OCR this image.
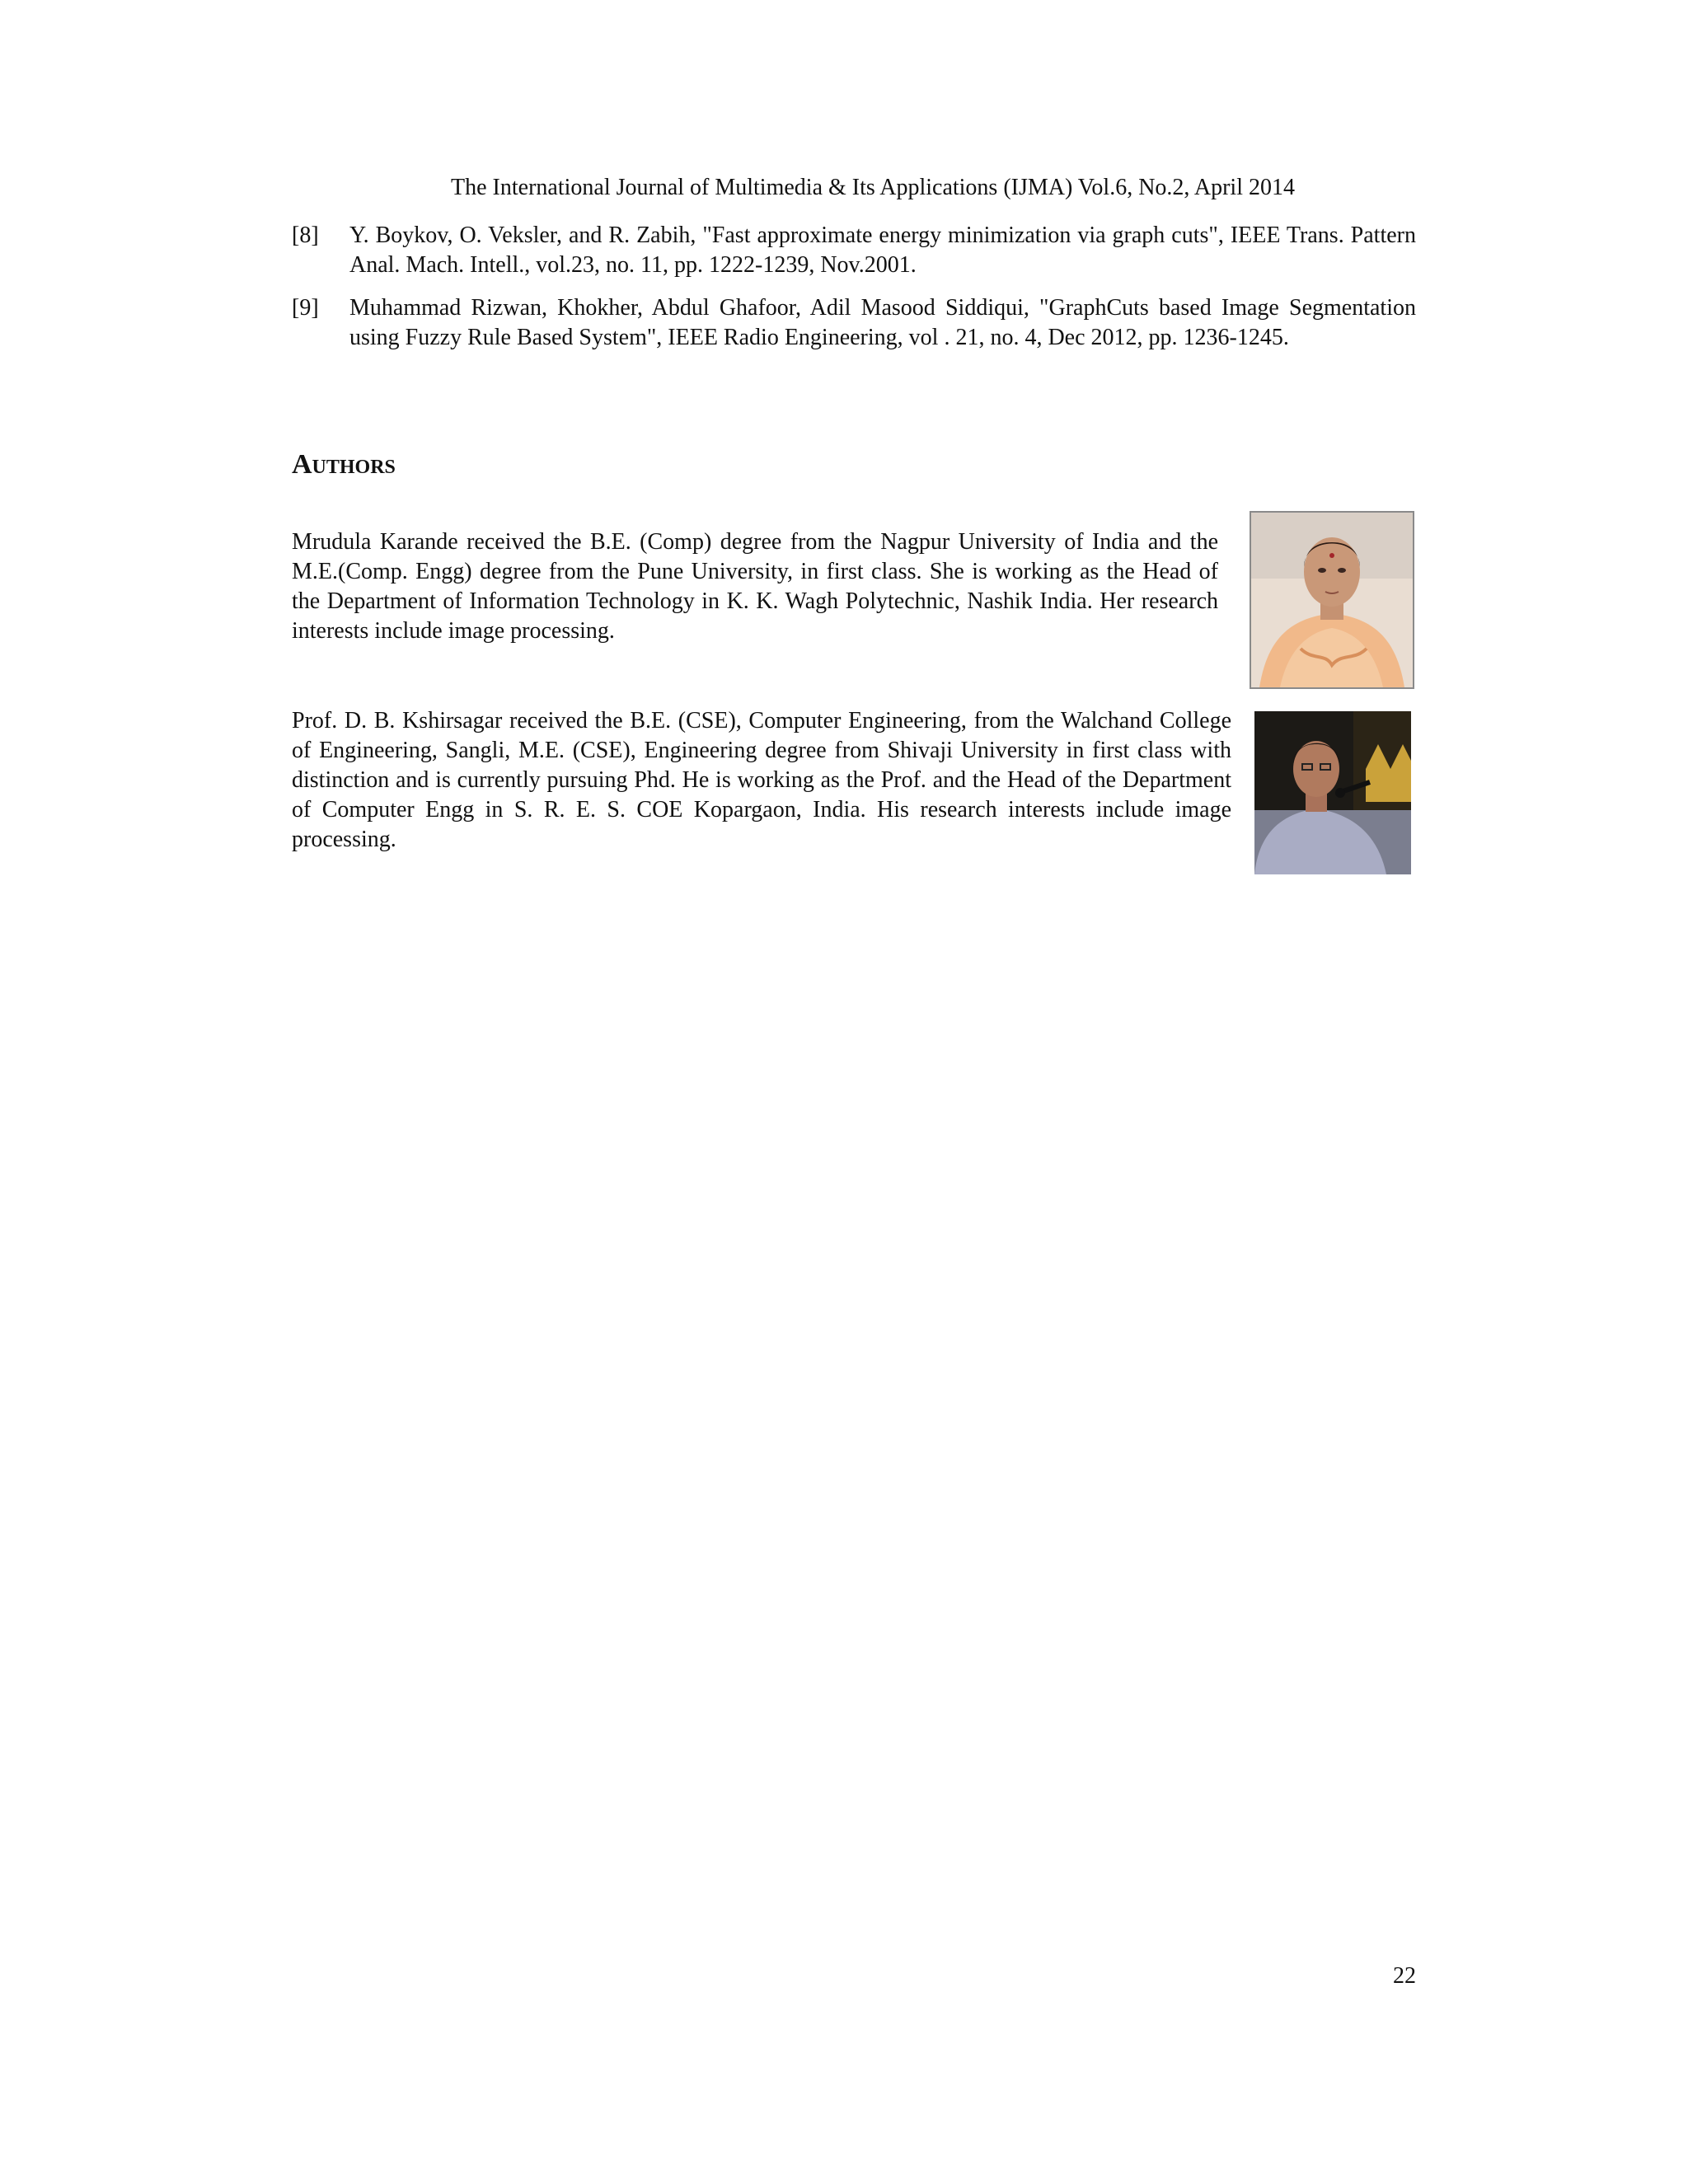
The International Journal of Multimedia & Its Applications (IJMA) Vol.6, No.2, April 2014
[8]	Y. Boykov, O. Veksler, and R. Zabih, "Fast approximate energy minimization via graph cuts", IEEE Trans. Pattern Anal. Mach. Intell., vol.23, no. 11, pp. 1222-1239, Nov.2001.
[9]	Muhammad Rizwan, Khokher, Abdul Ghafoor, Adil Masood Siddiqui, "GraphCuts based Image Segmentation using Fuzzy Rule Based System", IEEE Radio Engineering, vol . 21, no. 4, Dec 2012, pp. 1236-1245.
Authors
Mrudula Karande received the B.E. (Comp) degree from the Nagpur University of India and the M.E.(Comp. Engg) degree from the Pune University, in first class. She is working as the Head of the Department of Information Technology in K. K. Wagh Polytechnic, Nashik India. Her research interests include image processing.
Prof. D. B. Kshirsagar received the B.E. (CSE), Computer Engineering, from the Walchand College of Engineering, Sangli, M.E. (CSE), Engineering degree from Shivaji University in first class with distinction and is currently pursuing Phd. He is working as the Prof. and the Head of the Department of Computer Engg in S. R. E. S. COE Kopargaon, India. His research interests include image processing.
22
